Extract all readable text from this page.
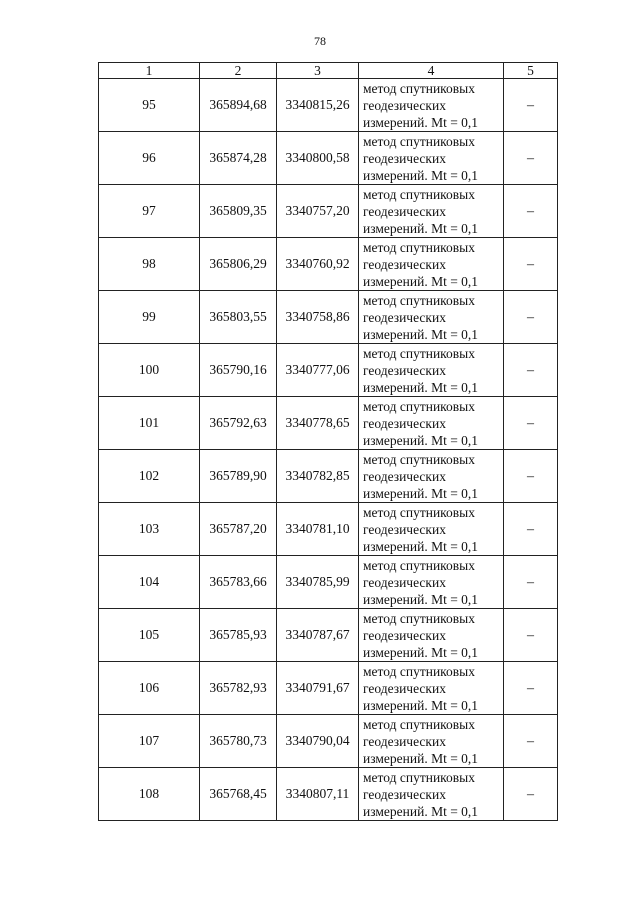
78
1	2	3	4	5
95	365894,68	3340815,26	метод спутниковых
геодезических
измерений. Mt = 0,1	–
96	365874,28	3340800,58	метод спутниковых
геодезических
измерений. Mt = 0,1	–
97	365809,35	3340757,20	метод спутниковых
геодезических
измерений. Mt = 0,1	–
98	365806,29	3340760,92	метод спутниковых
геодезических
измерений. Mt = 0,1	–
99	365803,55	3340758,86	метод спутниковых
геодезических
измерений. Mt = 0,1	–
100	365790,16	3340777,06	метод спутниковых
геодезических
измерений. Mt = 0,1	–
101	365792,63	3340778,65	метод спутниковых
геодезических
измерений. Mt = 0,1	–
102	365789,90	3340782,85	метод спутниковых
геодезических
измерений. Mt = 0,1	–
103	365787,20	3340781,10	метод спутниковых
геодезических
измерений. Mt = 0,1	–
104	365783,66	3340785,99	метод спутниковых
геодезических
измерений. Mt = 0,1	–
105	365785,93	3340787,67	метод спутниковых
геодезических
измерений. Mt = 0,1	–
106	365782,93	3340791,67	метод спутниковых
геодезических
измерений. Mt = 0,1	–
107	365780,73	3340790,04	метод спутниковых
геодезических
измерений. Mt = 0,1	–
108	365768,45	3340807,11	метод спутниковых
геодезических
измерений. Mt = 0,1	–
